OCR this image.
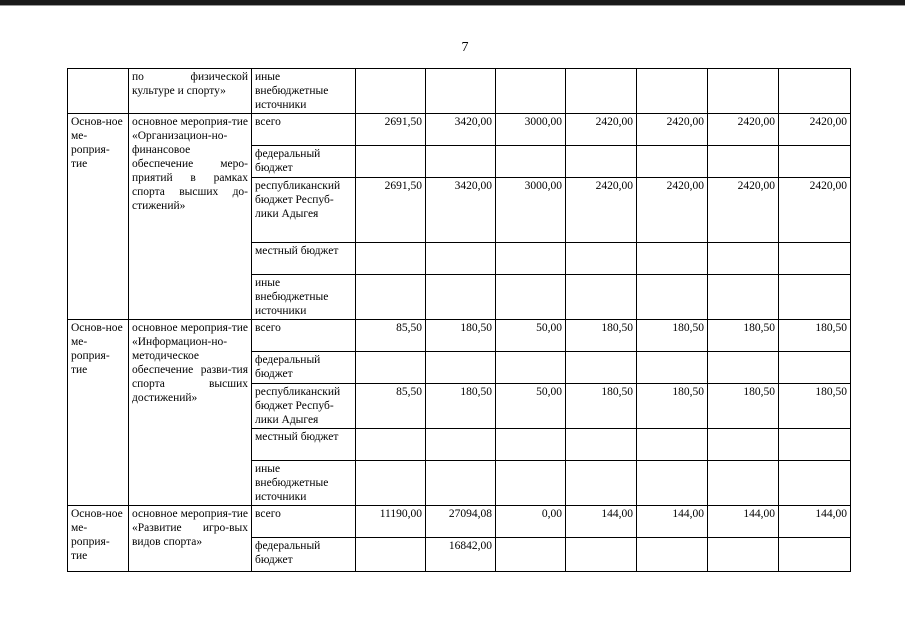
7
	по физической культуре и спорту»	иные внебюджетные источники							
Основ-ное ме-роприя-тие	основное мероприя-тие «Организацион-но-финансовое обеспечение меро-приятий в рамках спорта высших до-стижений»	всего	2691,50	3420,00	3000,00	2420,00	2420,00	2420,00	2420,00
		федеральный бюджет							
		республиканский бюджет Респуб-лики Адыгея	2691,50	3420,00	3000,00	2420,00	2420,00	2420,00	2420,00
		местный бюджет							
		иные внебюджетные источники							
Основ-ное ме-роприя-тие	основное мероприя-тие «Информацион-но-методическое обеспечение разви-тия спорта высших достижений»	всего	85,50	180,50	50,00	180,50	180,50	180,50	180,50
		федеральный бюджет							
		республиканский бюджет Респуб-лики Адыгея	85,50	180,50	50,00	180,50	180,50	180,50	180,50
		местный бюджет							
		иные внебюджетные источники							
Основ-ное ме-роприя-тие	основное мероприя-тие «Развитие игро-вых видов спорта»	всего	11190,00	27094,08	0,00	144,00	144,00	144,00	144,00
		федеральный бюджет		16842,00					
